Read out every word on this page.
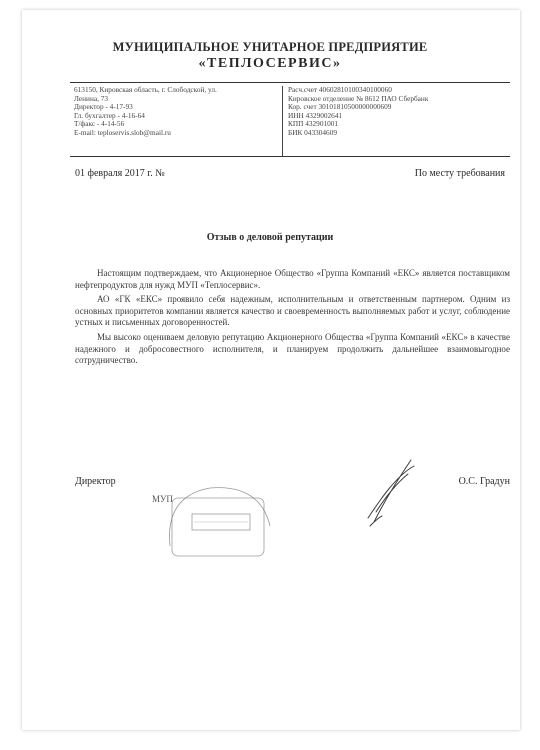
МУНИЦИПАЛЬНОЕ УНИТАРНОЕ ПРЕДПРИЯТИЕ
«ТЕПЛОСЕРВИС»
613150, Кировская область, г. Слободской, ул.
Ленина, 73
Директор - 4-17-93
Гл. бухгалтер - 4-16-64
Т/факс - 4-14-56
E-mail: teploservis.slob@mail.ru
Расч.счет 40602810100340100060
Кировское отделение № 8612 ПАО Сбербанк
Кор. счет 30101810500000000609
ИНН 4329002641
КПП 432901001
БИК 043304609
01 февраля 2017 г. №	По месту требования
Отзыв о деловой репутации

Настоящим подтверждаем, что Акционерное Общество «Группа Компаний «ЕКС» является поставщиком нефтепродуктов для нужд МУП «Теплосервис».

АО «ГК «ЕКС» проявило себя надежным, исполнительным и ответственным партнером. Одним из основных приоритетов компании является качество и своевременность выполняемых работ и услуг, соблюдение устных и письменных договоренностей.

Мы высоко оцениваем деловую репутацию Акционерного Общества «Группа Компаний «ЕКС» в качестве надежного и добросовестного исполнителя, и планируем продолжить дальнейшее взаимовыгодное сотрудничество.

Директор
МУП
О.С. Градун
